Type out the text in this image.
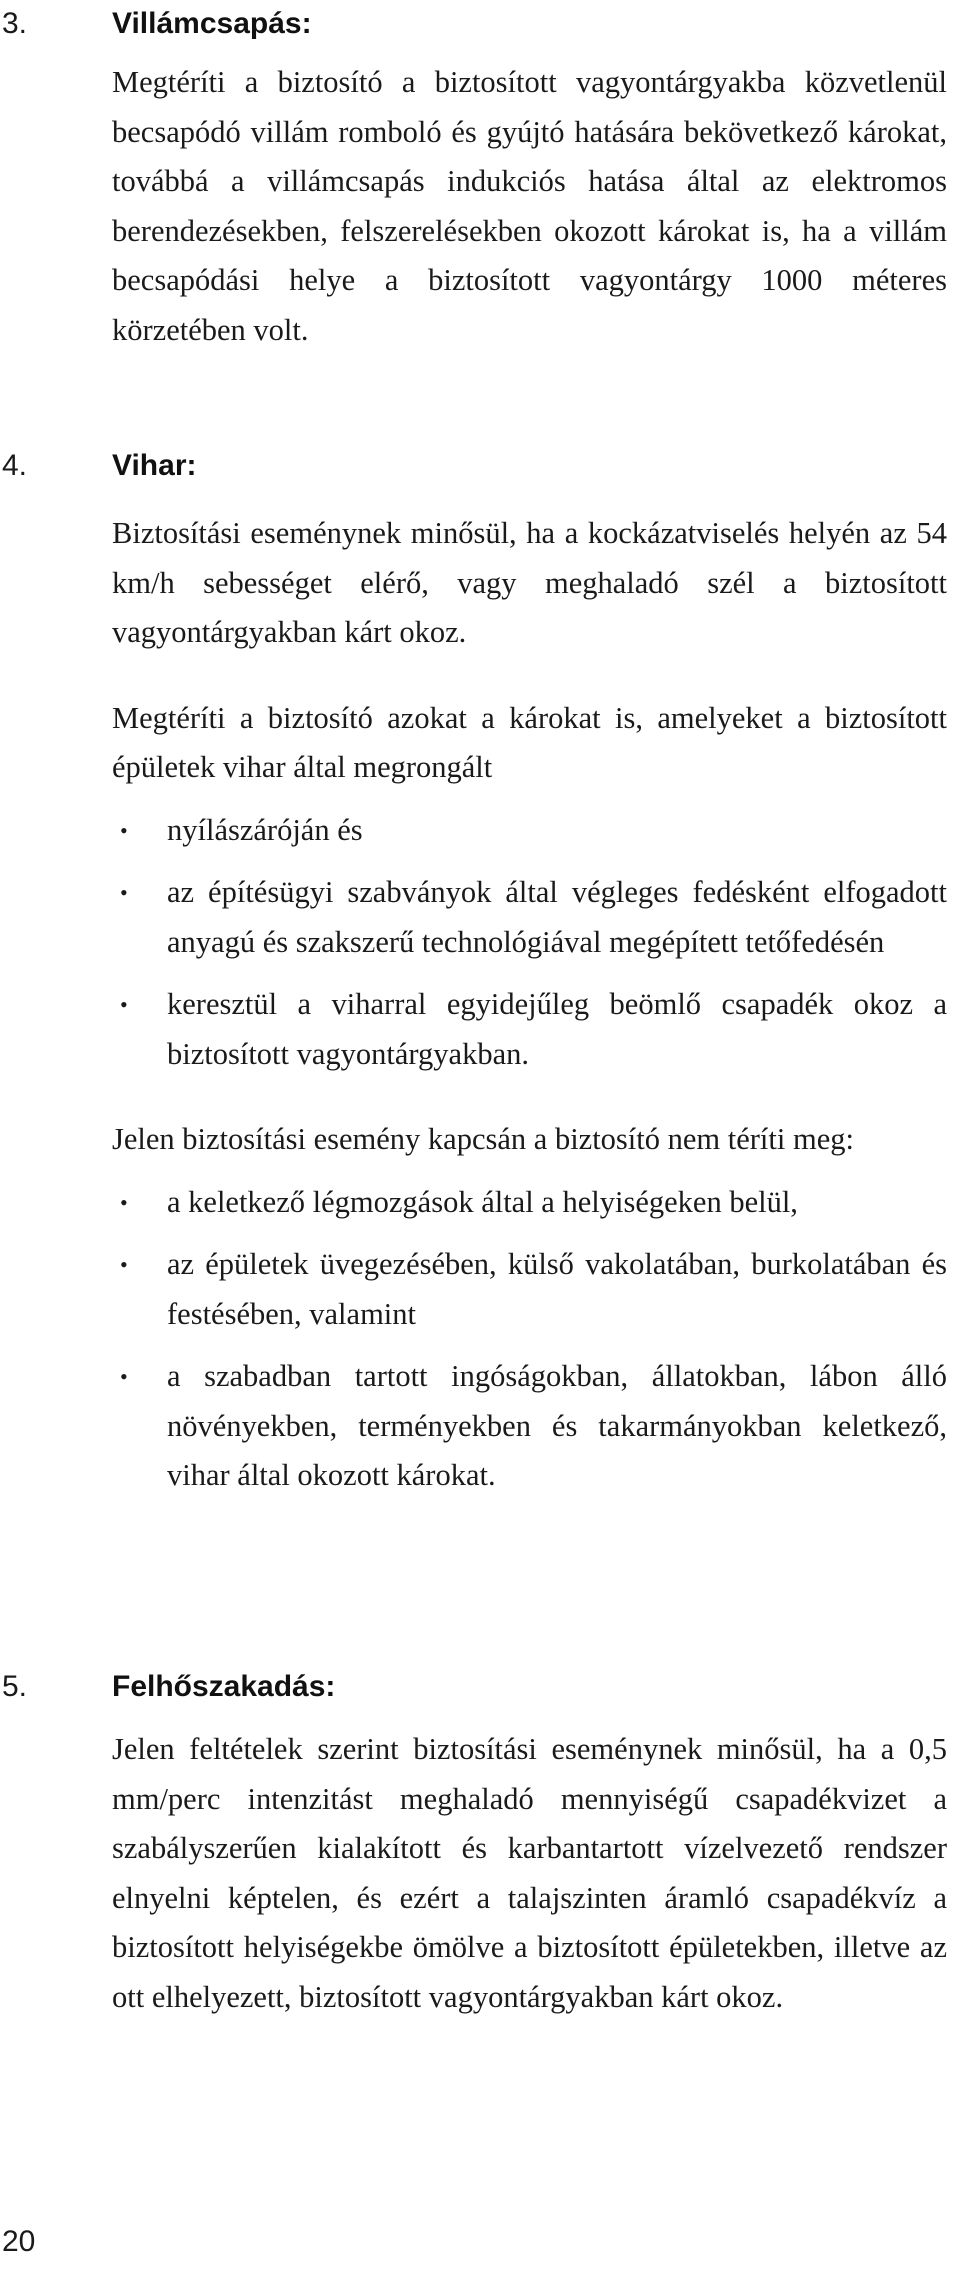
3.	Villámcsapás:

Megtéríti a biztosító a biztosított vagyontárgyakba közvetlenül becsapódó villám romboló és gyújtó hatására bekövetkező károkat, továbbá a villámcsapás indukciós hatása által az elektromos berendezésekben, felszerelésekben okozott károkat is, ha a villám becsapódási helye a biztosított vagyontárgy 1000 méteres körzetében volt.

4.	Vihar:

Biztosítási eseménynek minősül, ha a kockázatviselés helyén az 54 km/h sebességet elérő, vagy meghaladó szél a biztosított vagyontárgyakban kárt okoz.

Megtéríti a biztosító azokat a károkat is, amelyeket a biztosított épületek vihar által megrongált

• nyílászáróján és
• az építésügyi szabványok által végleges fedésként elfogadott anyagú és szakszerű technológiával megépített tetőfedésén
• keresztül a viharral egyidejűleg beömlő csapadék okoz a biztosított vagyontárgyakban.

Jelen biztosítási esemény kapcsán a biztosító nem téríti meg:

• a keletkező légmozgások által a helyiségeken belül,
• az épületek üvegezésében, külső vakolatában, burkolatában és festésében, valamint
• a szabadban tartott ingóságokban, állatokban, lábon álló növényekben, terményekben és takarmányokban keletkező, vihar által okozott károkat.
5.	Felhőszakadás:

Jelen feltételek szerint biztosítási eseménynek minősül, ha a 0,5 mm/perc intenzitást meghaladó mennyiségű csapadékvizet a szabályszerűen kialakított és karbantartott vízelvezető rendszer elnyelni képtelen, és ezért a talajszinten áramló csapadékvíz a biztosított helyiségekbe ömölve a biztosított épületekben, illetve az ott elhelyezett, biztosított vagyontárgyakban kárt okoz.

20
